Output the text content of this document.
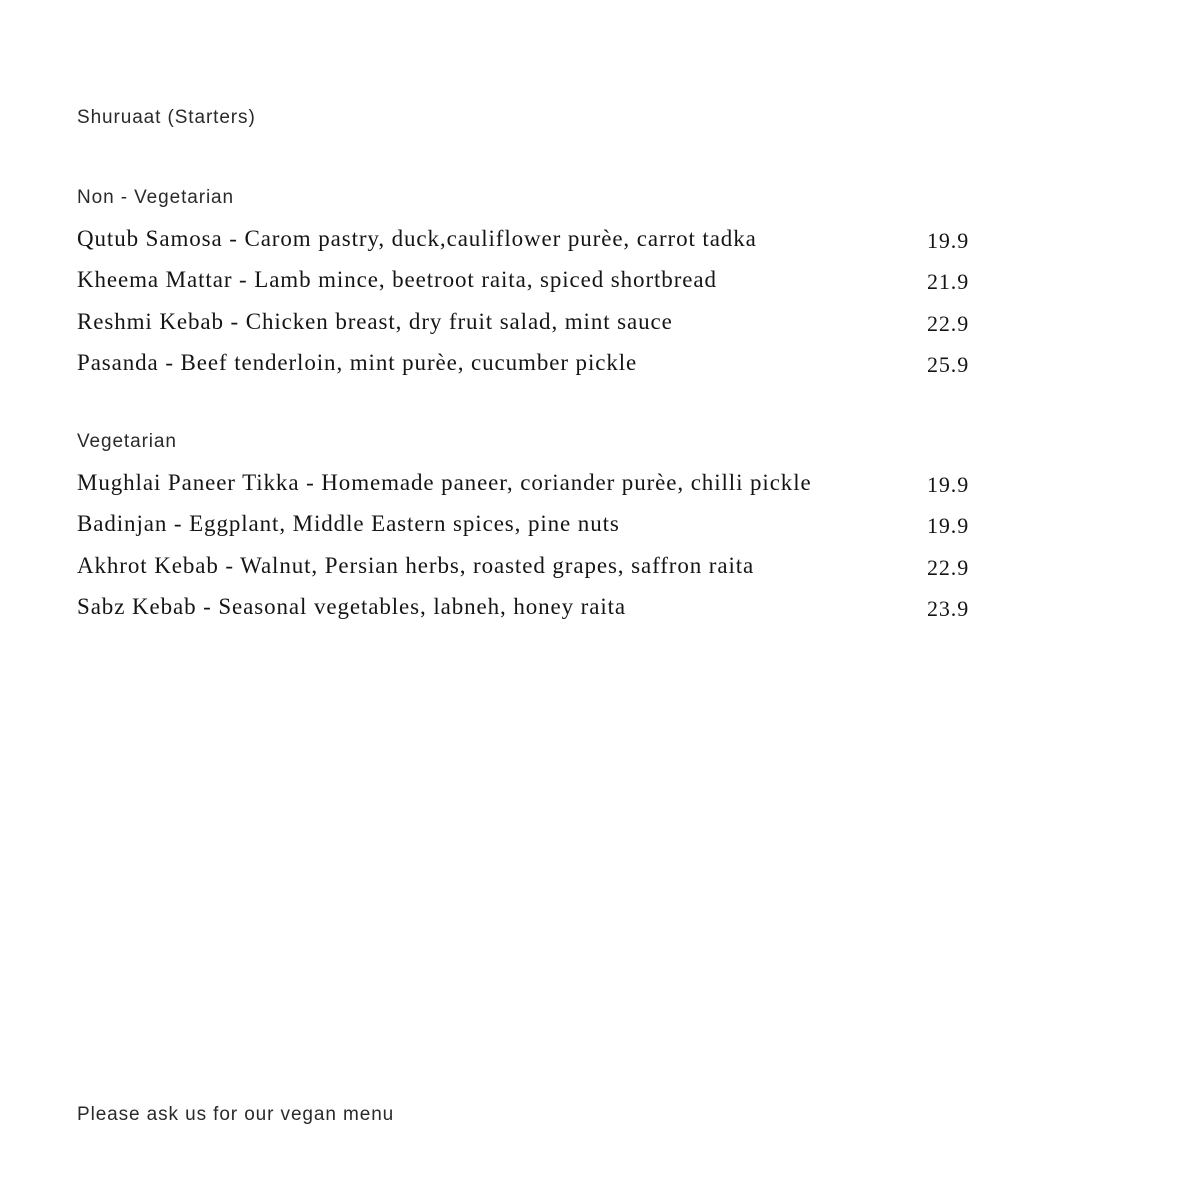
Shuruaat (Starters)
Non - Vegetarian
Qutub Samosa - Carom pastry, duck,cauliflower purèe, carrot tadka	19.9
Kheema Mattar - Lamb mince, beetroot raita, spiced shortbread	21.9
Reshmi Kebab - Chicken breast, dry fruit salad, mint sauce	22.9
Pasanda - Beef tenderloin, mint purèe, cucumber pickle	25.9
Vegetarian
Mughlai Paneer Tikka - Homemade paneer, coriander purèe, chilli pickle	19.9
Badinjan - Eggplant, Middle Eastern spices, pine nuts	19.9
Akhrot Kebab - Walnut, Persian herbs, roasted grapes, saffron raita	22.9
Sabz Kebab - Seasonal vegetables, labneh, honey raita	23.9
Please ask us for our vegan menu
